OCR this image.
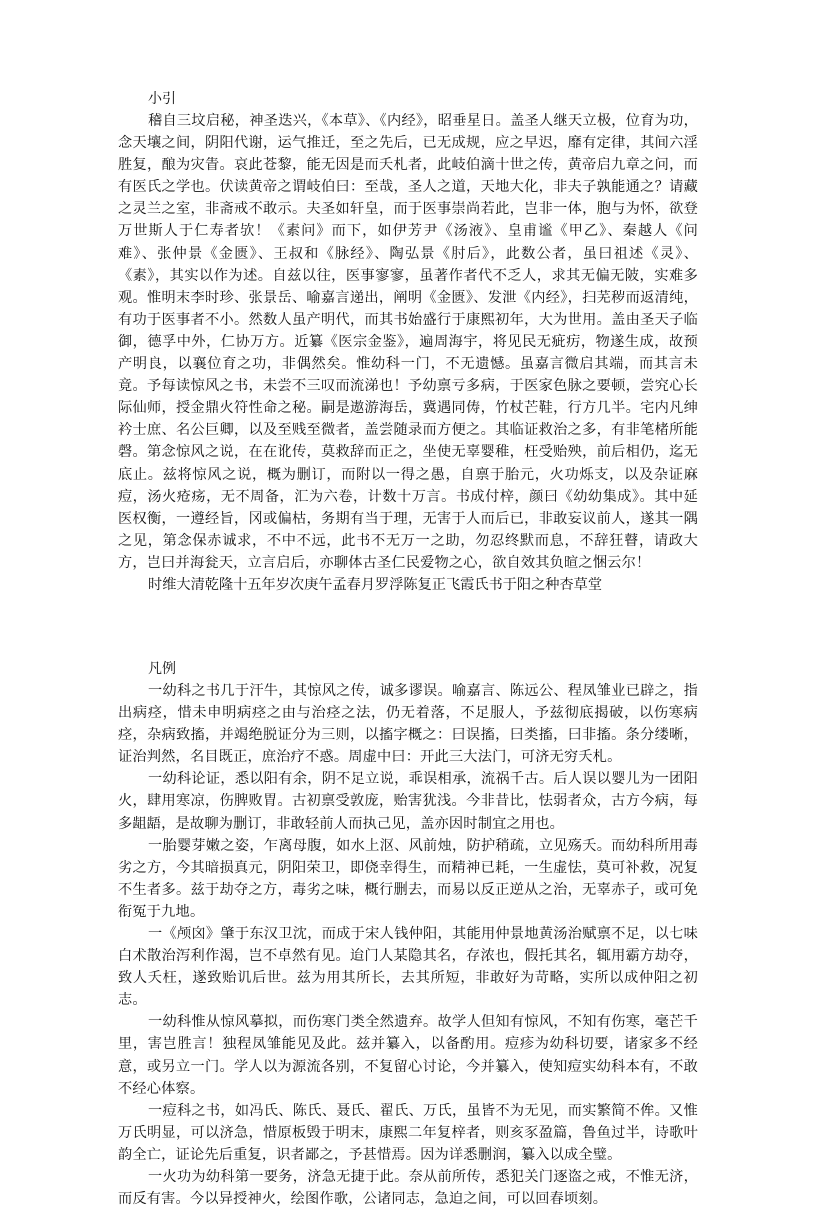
小引

稽自三坟启秘，神圣迭兴，《本草》、《内经》，昭垂星日。盖圣人继天立极，位育为功，念天壤之间，阴阳代谢，运气推迁，至之先后，已无成规，应之早迟，靡有定律，其间六淫胜复，酿为灾眚。哀此苍黎，能无因是而夭札者，此岐伯滴十世之传，黄帝启九章之问，而有医氏之学也。伏读黄帝之谓岐伯曰：至哉，圣人之道，天地大化，非夫子孰能通之？请藏之灵兰之室，非斋戒不敢示。夫圣如轩皇，而于医事崇尚若此，岂非一体，胞与为怀，欲登万世斯人于仁寿者欤！《素问》而下，如伊芳尹《汤液》、皇甫谧《甲乙》、秦越人《问难》、张仲景《金匮》、王叔和《脉经》、陶弘景《肘后》，此数公者，虽曰祖述《灵》、《素》，其实以作为述。自兹以往，医事寥寥，虽著作者代不乏人，求其无偏无陂，实难多观。惟明末李时珍、张景岳、喻嘉言递出，阐明《金匮》、发泄《内经》，扫芜秽而返清纯，有功于医事者不小。然数人虽产明代，而其书始盛行于康熙初年，大为世用。盖由圣天子临御，德孚中外，仁协万方。近纂《医宗金鉴》，遍周海宇，将见民无疵疠，物遂生成，故预产明良，以襄位育之功，非偶然矣。惟幼科一门，不无遗憾。虽嘉言微启其端，而其言未竟。予每读惊风之书，未尝不三叹而流涕也！予幼禀亏多病，于医家色脉之要顿，尝究心长际仙师，授金鼎火符性命之秘。嗣是遨游海岳，冀遇同俦，竹杖芒鞋，行方几半。宅内凡绅衿士庶、名公巨卿，以及至贱至微者，盖尝随录而方便之。其临证救治之多，有非笔楮所能磬。第念惊风之说，在在讹传，莫救辞而正之，坐使无辜婴稚，枉受贻殃，前后相仍，迄无底止。兹将惊风之说，概为删订，而附以一得之愚，自禀于胎元，火功烁支，以及杂证麻痘，汤火疮疡，无不周备，汇为六卷，计数十万言。书成付梓，颜曰《幼幼集成》。其中延医权衡，一遵经旨，冈或偏枯，务期有当于理，无害于人而后已，非敢妄议前人，遂其一隅之见，第念保赤诚求，不中不远，此书不无万一之助，勿忍终默而息，不辞狂瞽，请政大方，岂曰并海瓮天，立言启后，亦聊体古圣仁民爱物之心，欲自效其负暄之悃云尔！

时维大清乾隆十五年岁次庚午孟春月罗浮陈复正飞霞氏书于阳之种杏草堂

凡例

一幼科之书几于汗牛，其惊风之传，诚多谬误。喻嘉言、陈远公、程凤雏业已辟之，指出病痉，惜未申明病痉之由与治痉之法，仍无着落，不足服人，予兹彻底揭破，以伤寒病痉，杂病致搐，并竭绝脱证分为三则，以搐字概之：曰误搐，曰类搐，曰非搐。条分缕晰，证治判然，名目既正，庶治疗不惑。周虚中曰：开此三大法门，可济无穷夭札。

一幼科论证，悉以阳有余，阴不足立说，乖误相承，流祸千古。后人误以婴儿为一团阳火，肆用寒凉，伤脾败胃。古初禀受敦庞，贻害犹浅。今非昔比，怯弱者众，古方今病，每多龃龉，是故聊为删订，非敢轻前人而执己见，盖亦因时制宜之用也。

一胎婴芽嫩之姿，乍离母腹，如水上沤、风前烛，防护稍疏，立见殇夭。而幼科所用毒劣之方，今其暗损真元，阴阳荣卫，即侥幸得生，而精神已耗，一生虚怯，莫可补救，况复不生者多。兹于劫夺之方，毒劣之味，概行删去，而易以反正逆从之治，无辜赤子，或可免衔冤于九地。

一《颅囟》肇于东汉卫沈，而成于宋人钱仲阳，其能用仲景地黄汤治赋禀不足，以七味白术散治泻利作渴，岂不卓然有见。迨门人某隐其名，存浓也，假托其名，辄用霸方劫夺，致人夭枉，遂致贻讥后世。兹为用其所长，去其所短，非敢好为苛略，实所以成仲阳之初志。

一幼科惟从惊风摹拟，而伤寒门类全然遗弃。故学人但知有惊风，不知有伤寒，毫芒千里，害岂胜言！独程凤雏能见及此。兹并纂入，以备酌用。痘疹为幼科切要，诸家多不经意，或另立一门。学人以为源流各别，不复留心讨论，今并纂入，使知痘实幼科本有，不敢不经心体察。

一痘科之书，如冯氏、陈氏、聂氏、翟氏、万氏，虽皆不为无见，而实繁简不侔。又惟万氏明显，可以济急，惜原板毁于明末，康熙二年复梓者，则亥豕盈篇，鲁鱼过半，诗歌叶韵全亡，证论先后重复，识者鄙之，予甚惜焉。因为详悉删润，纂入以成全璧。

一火功为幼科第一要务，济急无捷于此。奈从前所传，悉犯关门逐盗之戒，不惟无济，而反有害。今以异授神火，绘图作歌，公诸同志，急迫之间，可以回春顷刻。
